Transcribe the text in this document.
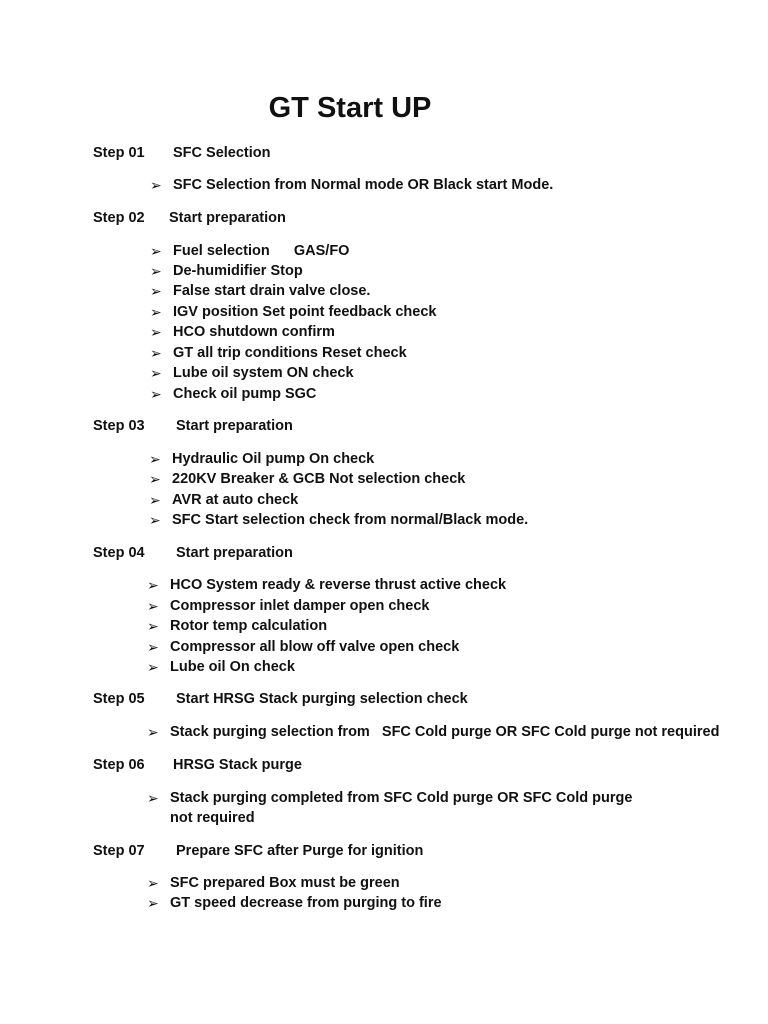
GT Start UP
Step 01 SFC Selection
➢ SFC Selection from Normal mode OR Black start Mode.
Step 02 Start preparation
➢ Fuel selection      GAS/FO
➢ De-humidifier Stop
➢ False start drain valve close.
➢ IGV position Set point feedback check
➢ HCO shutdown confirm
➢ GT all trip conditions Reset check
➢ Lube oil system ON check
➢ Check oil pump SGC
Step 03 Start preparation
➢ Hydraulic Oil pump On check
➢ 220KV Breaker & GCB Not selection check
➢ AVR at auto check
➢ SFC Start selection check from normal/Black mode.
Step 04 Start preparation
➢ HCO System ready & reverse thrust active check
➢ Compressor inlet damper open check
➢ Rotor temp calculation
➢ Compressor all blow off valve open check
➢ Lube oil On check
Step 05 Start HRSG Stack purging selection check
➢ Stack purging selection from   SFC Cold purge OR SFC Cold purge not required
Step 06 HRSG Stack purge
➢ Stack purging completed from SFC Cold purge OR SFC Cold purge not required
Step 07 Prepare SFC after Purge for ignition
➢ SFC prepared Box must be green
➢ GT speed decrease from purging to fire
